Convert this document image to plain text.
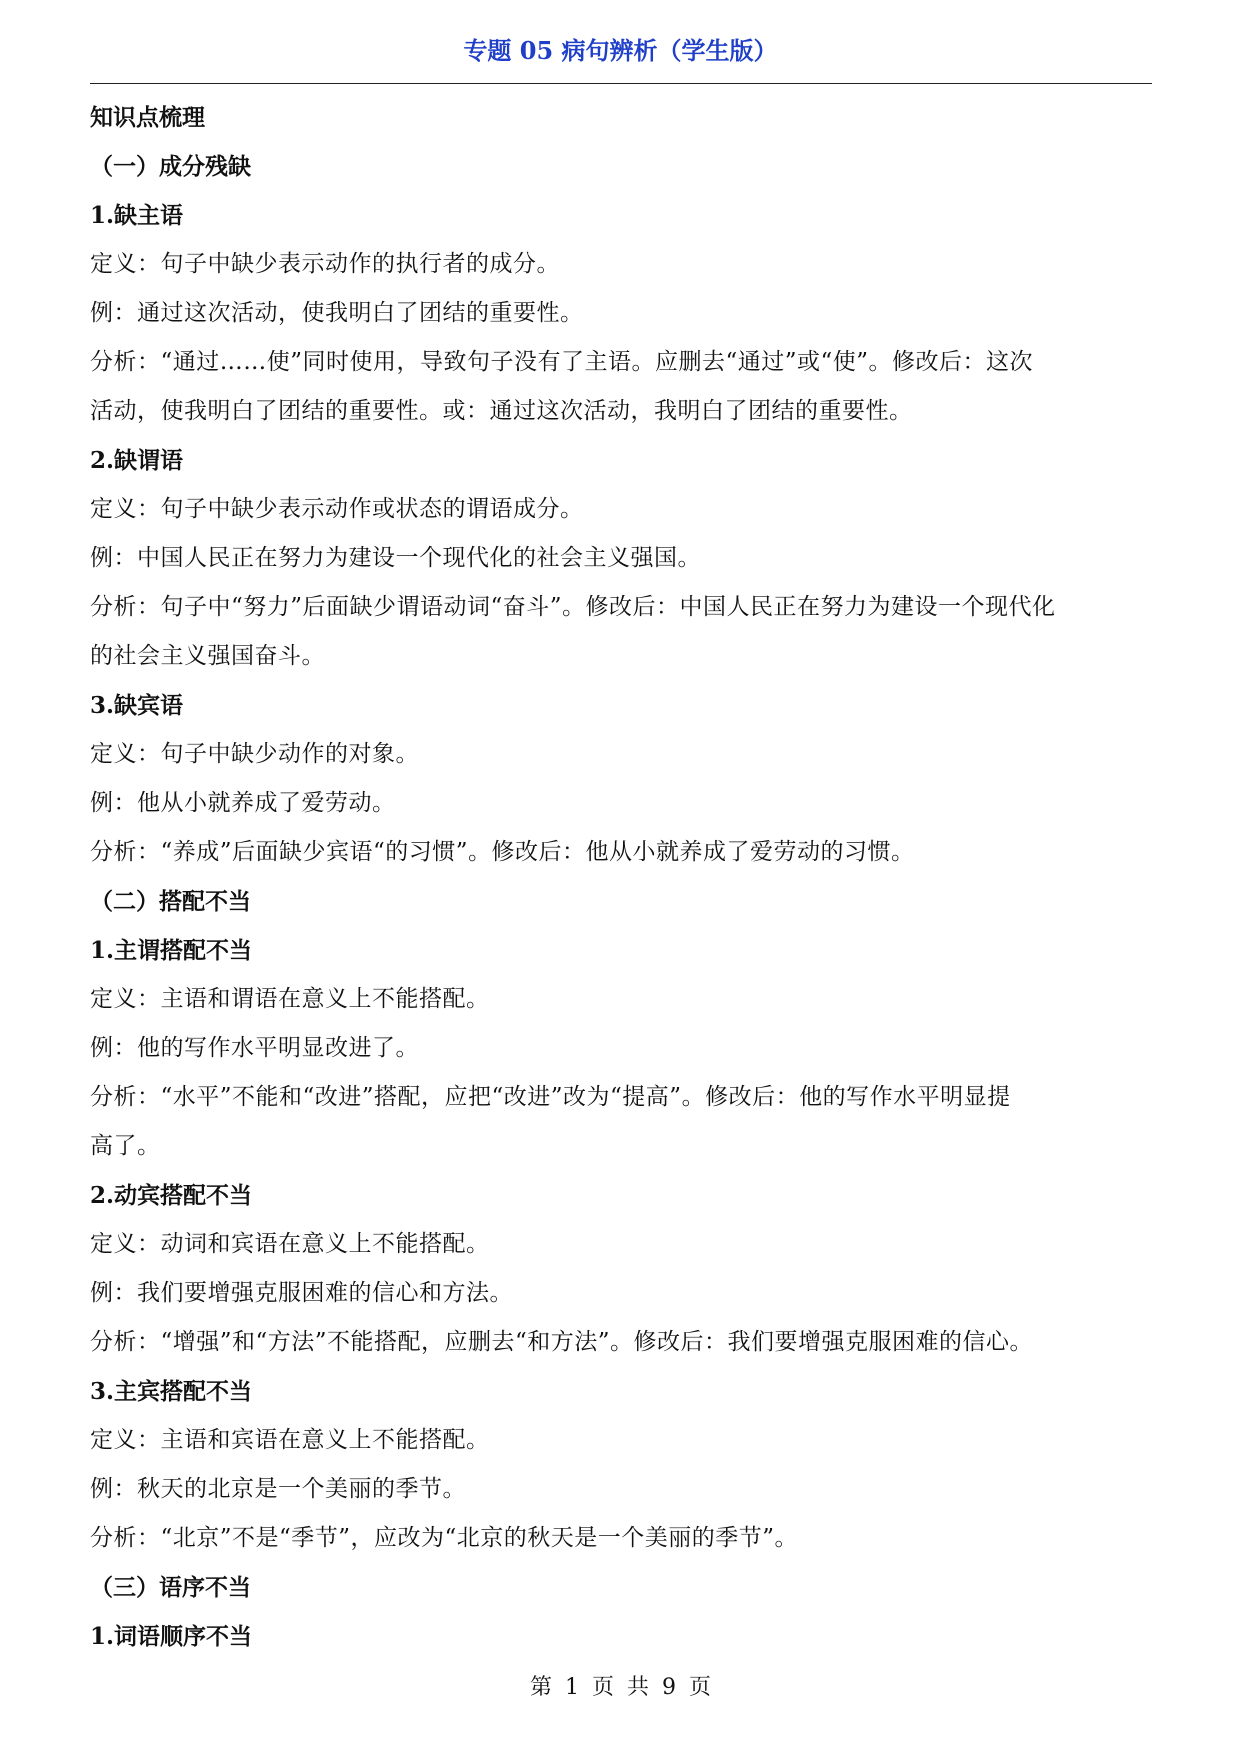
专题 05 病句辨析（学生版）
知识点梳理
（一）成分残缺
1.缺主语
定义：句子中缺少表示动作的执行者的成分。
例：通过这次活动，使我明白了团结的重要性。
分析：“通过……使”同时使用，导致句子没有了主语。应删去“通过”或“使”。修改后：这次
活动，使我明白了团结的重要性。或：通过这次活动，我明白了团结的重要性。
2.缺谓语
定义：句子中缺少表示动作或状态的谓语成分。
例：中国人民正在努力为建设一个现代化的社会主义强国。
分析：句子中“努力”后面缺少谓语动词“奋斗”。修改后：中国人民正在努力为建设一个现代化
的社会主义强国奋斗。
3.缺宾语
定义：句子中缺少动作的对象。
例：他从小就养成了爱劳动。
分析：“养成”后面缺少宾语“的习惯”。修改后：他从小就养成了爱劳动的习惯。
（二）搭配不当
1.主谓搭配不当
定义：主语和谓语在意义上不能搭配。
例：他的写作水平明显改进了。
分析：“水平”不能和“改进”搭配，应把“改进”改为“提高”。修改后：他的写作水平明显提
高了。
2.动宾搭配不当
定义：动词和宾语在意义上不能搭配。
例：我们要增强克服困难的信心和方法。
分析：“增强”和“方法”不能搭配，应删去“和方法”。修改后：我们要增强克服困难的信心。
3.主宾搭配不当
定义：主语和宾语在意义上不能搭配。
例：秋天的北京是一个美丽的季节。
分析：“北京”不是“季节”，应改为“北京的秋天是一个美丽的季节”。
（三）语序不当
1.词语顺序不当
第 1 页 共 9 页
